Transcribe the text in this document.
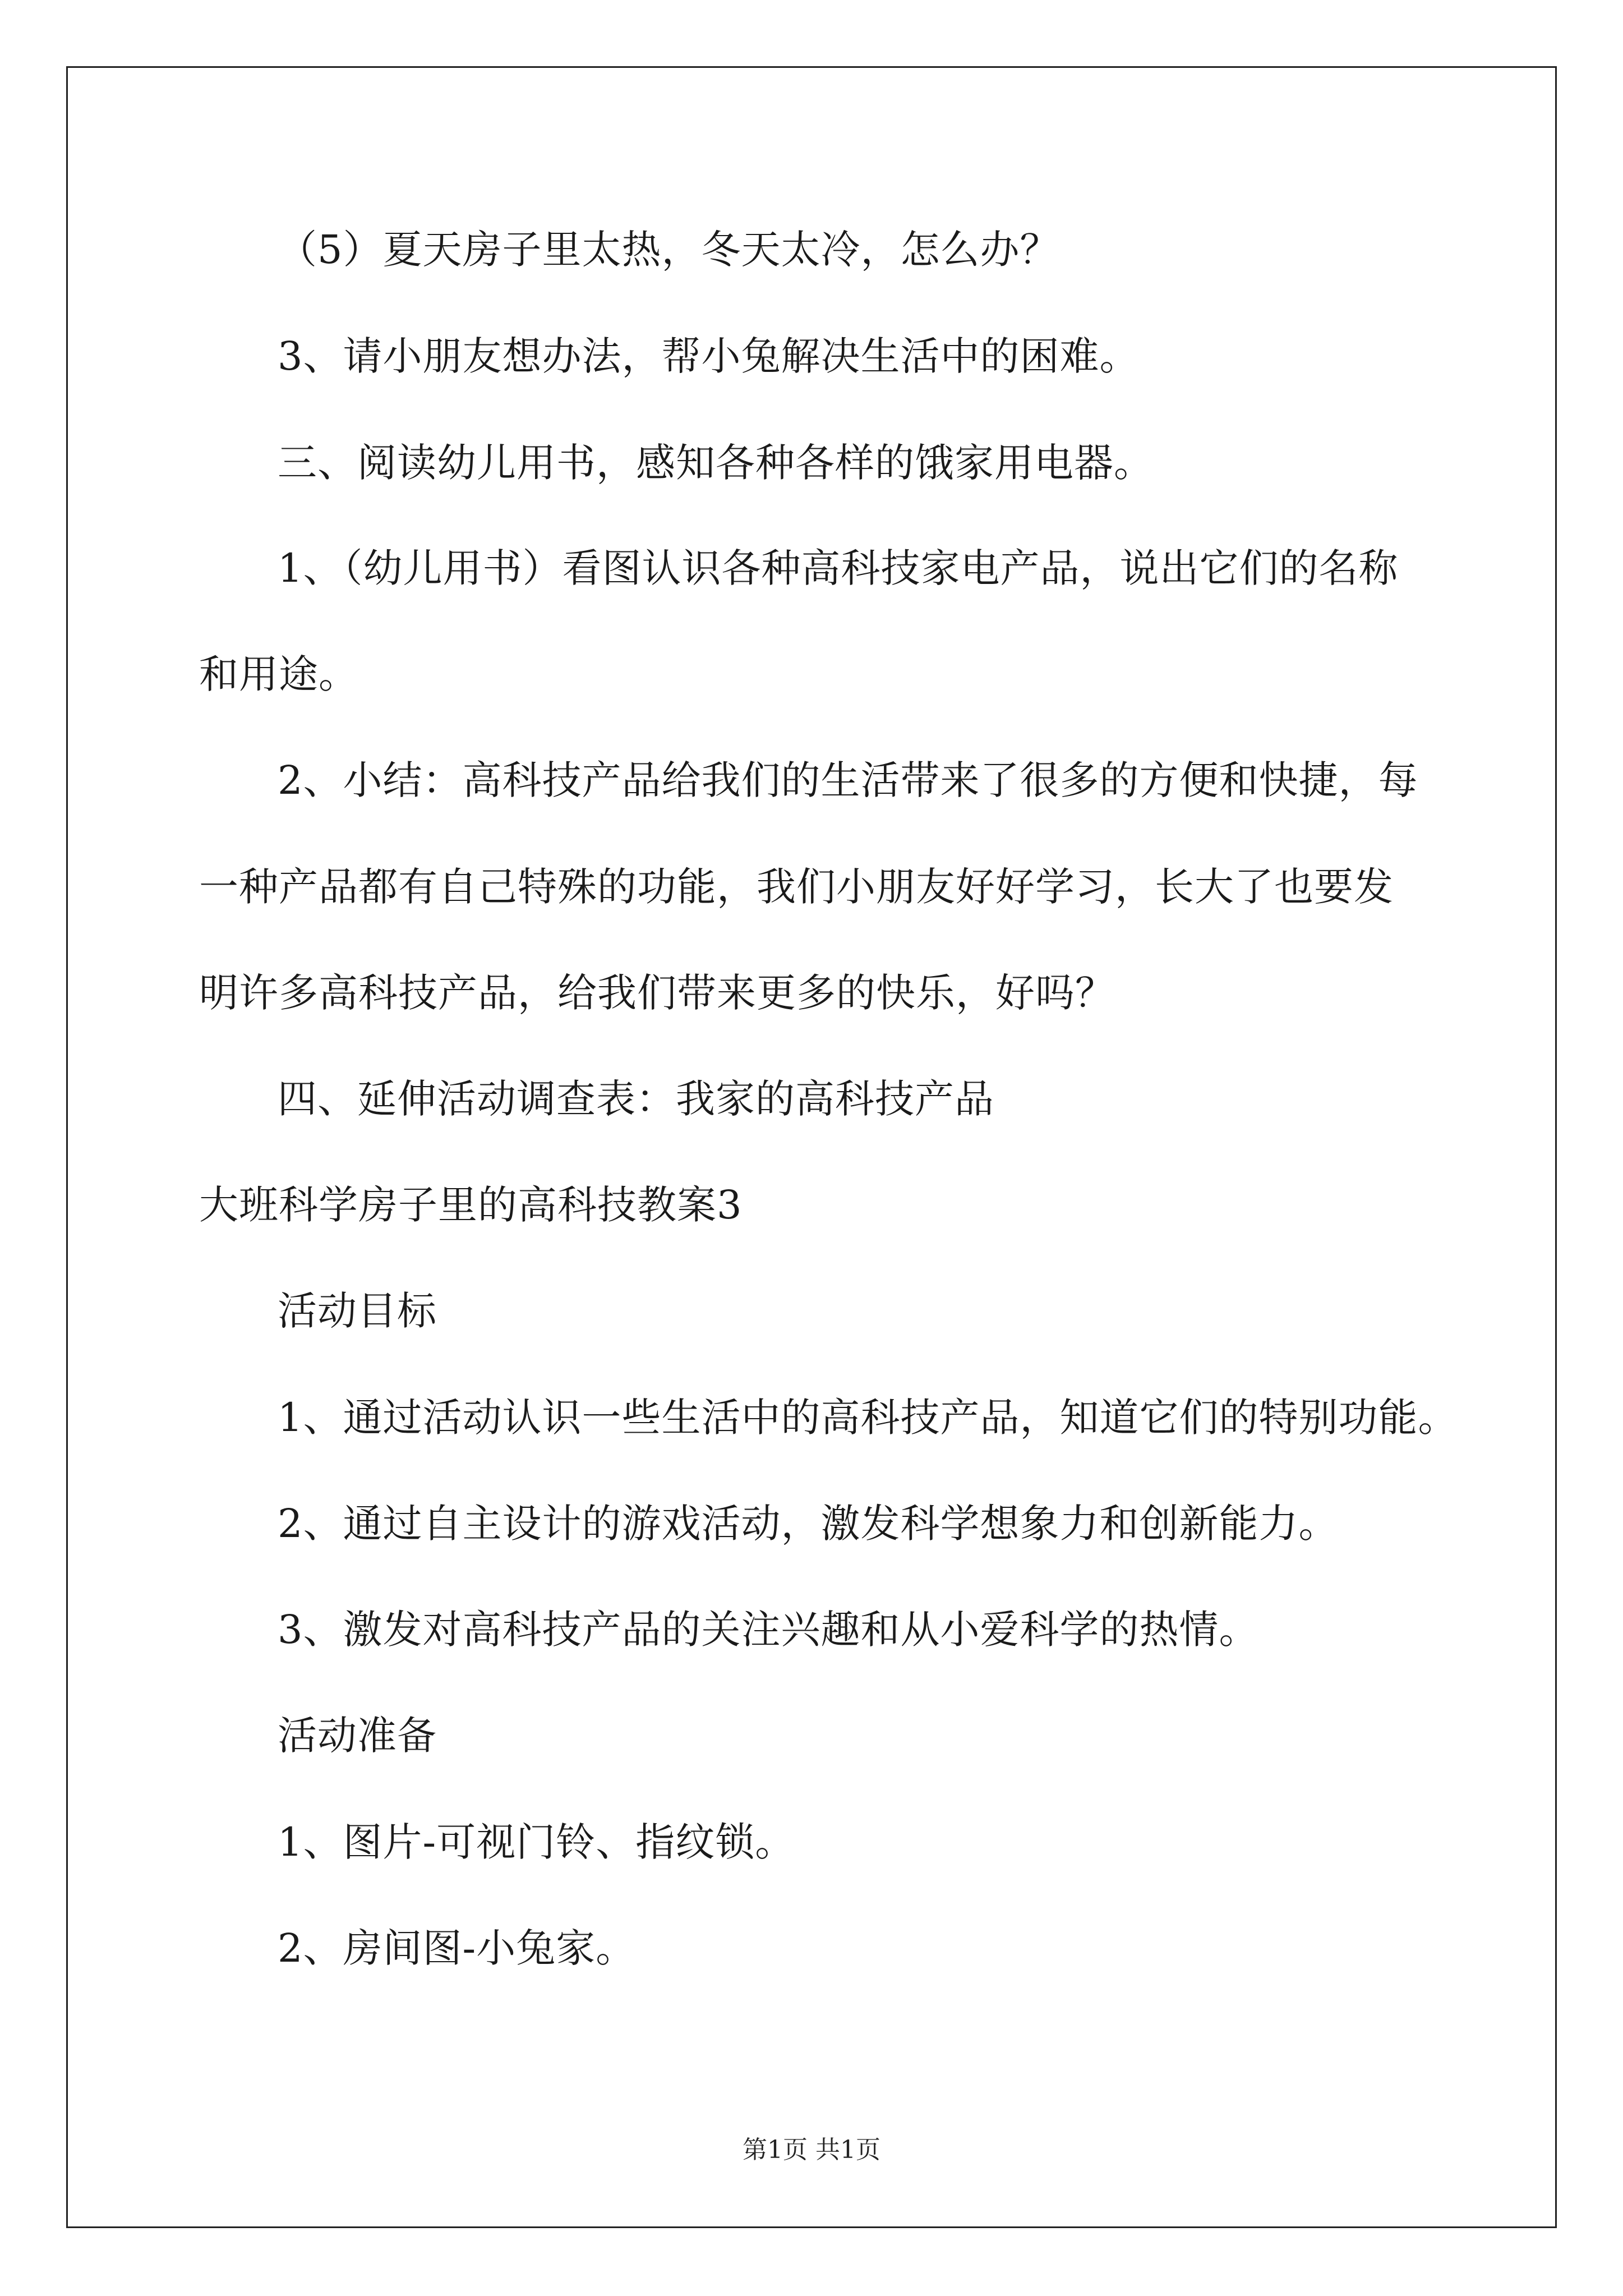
（5）夏天房子里太热，冬天太冷，怎么办？
3、请小朋友想办法，帮小兔解决生活中的困难。
三、阅读幼儿用书，感知各种各样的饿家用电器。
1、（幼儿用书）看图认识各种高科技家电产品，说出它们的名称
和用途。
2、小结：高科技产品给我们的生活带来了很多的方便和快捷，每
一种产品都有自己特殊的功能，我们小朋友好好学习，长大了也要发
明许多高科技产品，给我们带来更多的快乐，好吗？
四、延伸活动调查表：我家的高科技产品
大班科学房子里的高科技教案3
活动目标
1、通过活动认识一些生活中的高科技产品，知道它们的特别功能。
2、通过自主设计的游戏活动，激发科学想象力和创新能力。
3、激发对高科技产品的关注兴趣和从小爱科学的热情。
活动准备
1、图片-可视门铃、指纹锁。
2、房间图-小兔家。
第1页 共1页
